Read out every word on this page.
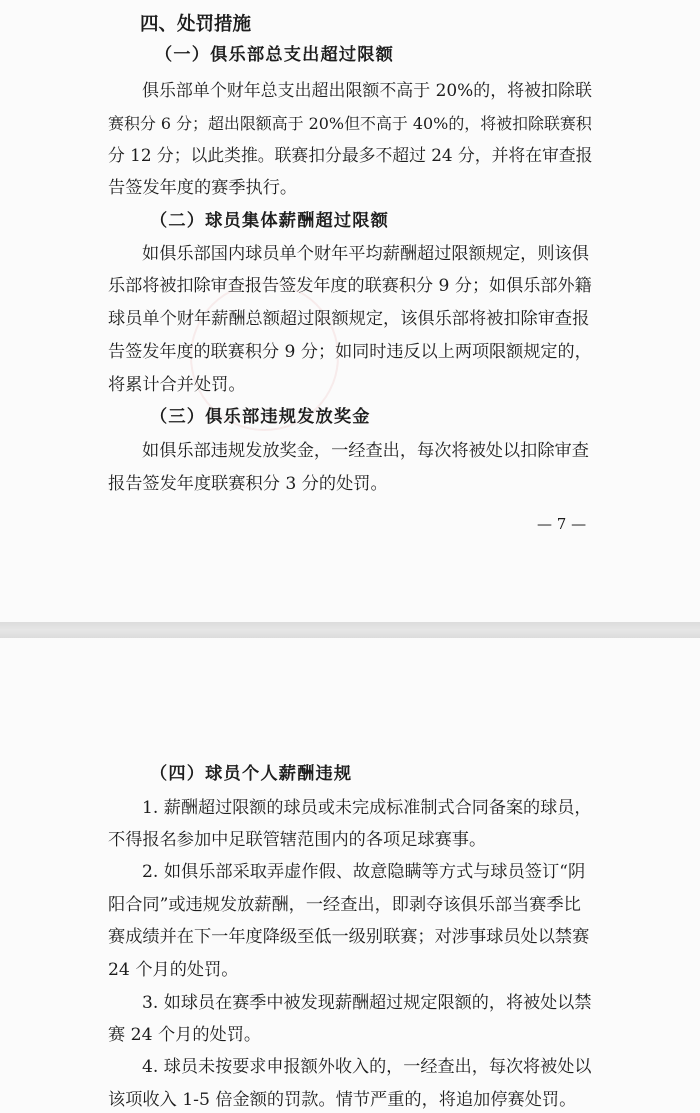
四、处罚措施
（一）俱乐部总支出超过限额
俱乐部单个财年总支出超出限额不高于 20%的，将被扣除联
赛积分 6 分；超出限额高于 20%但不高于 40%的，将被扣除联赛积
分 12 分；以此类推。联赛扣分最多不超过 24 分，并将在审查报
告签发年度的赛季执行。
（二）球员集体薪酬超过限额
如俱乐部国内球员单个财年平均薪酬超过限额规定，则该俱
乐部将被扣除审查报告签发年度的联赛积分 9 分；如俱乐部外籍
球员单个财年薪酬总额超过限额规定，该俱乐部将被扣除审查报
告签发年度的联赛积分 9 分；如同时违反以上两项限额规定的，
将累计合并处罚。
（三）俱乐部违规发放奖金
如俱乐部违规发放奖金，一经查出，每次将被处以扣除审查
报告签发年度联赛积分 3 分的处罚。
— 7 —
（四）球员个人薪酬违规
1. 薪酬超过限额的球员或未完成标准制式合同备案的球员，
不得报名参加中足联管辖范围内的各项足球赛事。
2. 如俱乐部采取弄虚作假、故意隐瞒等方式与球员签订“阴
阳合同”或违规发放薪酬，一经查出，即剥夺该俱乐部当赛季比
赛成绩并在下一年度降级至低一级别联赛；对涉事球员处以禁赛
24 个月的处罚。
3. 如球员在赛季中被发现薪酬超过规定限额的，将被处以禁
赛 24 个月的处罚。
4. 球员未按要求申报额外收入的，一经查出，每次将被处以
该项收入 1-5 倍金额的罚款。情节严重的，将追加停赛处罚。
